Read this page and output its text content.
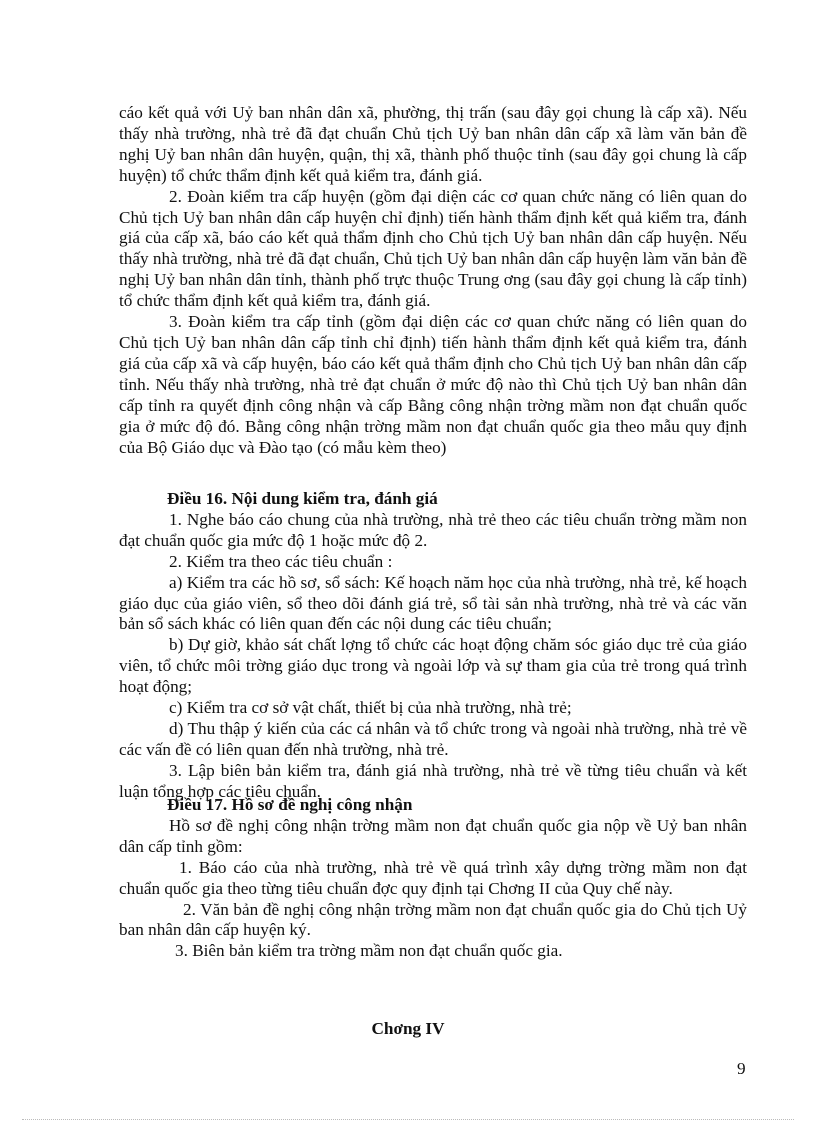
cáo kết quả với Uỷ ban nhân dân xã, phường, thị trấn (sau đây gọi chung là cấp xã). Nếu thấy nhà trường, nhà trẻ đã đạt chuẩn Chủ tịch Uỷ ban nhân dân cấp xã làm văn bản đề nghị Uỷ ban nhân dân huyện, quận, thị xã, thành phố thuộc tỉnh (sau đây gọi chung là cấp huyện) tổ chức thẩm định kết quả kiểm tra, đánh giá.

2. Đoàn kiểm tra cấp huyện (gồm đại diện các cơ quan chức năng có liên quan do Chủ tịch Uỷ ban nhân dân cấp huyện chỉ định) tiến hành thẩm định kết quả kiểm tra, đánh giá của cấp xã, báo cáo kết quả thẩm định cho Chủ tịch Uỷ ban nhân dân cấp huyện. Nếu thấy nhà trường, nhà trẻ đã đạt chuẩn, Chủ tịch Uỷ ban nhân dân cấp huyện làm văn bản đề nghị Uỷ ban nhân dân tỉnh, thành phố trực thuộc Trung ơng (sau đây gọi chung là cấp tỉnh) tổ chức thẩm định kết quả kiểm tra, đánh giá.

3. Đoàn kiểm tra cấp tỉnh (gồm đại diện các cơ quan chức năng có liên quan do Chủ tịch Uỷ ban nhân dân cấp tỉnh chỉ định) tiến hành thẩm định kết quả kiểm tra, đánh giá của cấp xã và cấp huyện, báo cáo kết quả thẩm định cho Chủ tịch Uỷ ban nhân dân cấp tỉnh. Nếu thấy nhà trường, nhà trẻ đạt chuẩn ở mức độ nào thì Chủ tịch Uỷ ban nhân dân cấp tỉnh ra quyết định công nhận và cấp Bằng công nhận trờng mầm non đạt chuẩn quốc gia ở mức độ đó. Bằng công nhận trờng mầm non đạt chuẩn quốc gia theo mẫu quy định của Bộ Giáo dục và Đào tạo (có mẫu kèm theo)

Điều 16. Nội dung kiểm tra, đánh giá

1. Nghe báo cáo chung của nhà trường, nhà trẻ theo các tiêu chuẩn trờng mầm non đạt chuẩn quốc gia mức độ 1 hoặc mức độ 2.

2. Kiểm tra theo các tiêu chuẩn :

a) Kiểm tra các hồ sơ, sổ sách: Kế hoạch năm học của nhà trường, nhà trẻ, kế hoạch giáo dục của giáo viên, sổ theo dõi đánh giá trẻ, sổ tài sản nhà trường, nhà trẻ và các văn bản sổ sách khác có liên quan đến các nội dung các tiêu chuẩn;

b) Dự giờ, khảo sát chất lợng tổ chức các hoạt động chăm sóc giáo dục trẻ của giáo viên, tổ chức môi trờng giáo dục trong và ngoài lớp và sự tham gia của trẻ trong quá trình hoạt động;

c) Kiểm tra cơ sở vật chất, thiết bị của nhà trường, nhà trẻ;

d) Thu thập ý kiến của các cá nhân và tổ chức trong và ngoài nhà trường, nhà trẻ về các vấn đề có liên quan đến nhà trường, nhà trẻ.

3. Lập biên bản kiểm tra, đánh giá nhà trường, nhà trẻ về từng tiêu chuẩn và kết luận tổng hợp các tiêu chuẩn.

Điều 17. Hồ sơ đề nghị công nhận

Hồ sơ đề nghị công nhận trờng mầm non đạt chuẩn quốc gia nộp về Uỷ ban nhân dân cấp tỉnh gồm:

1. Báo cáo của nhà trường, nhà trẻ về quá trình xây dựng trờng mầm non đạt chuẩn quốc gia theo từng tiêu chuẩn đợc quy định tại Chơng II của Quy chế này.

2. Văn bản đề nghị công nhận trờng mầm non đạt chuẩn quốc gia do Chủ tịch Uỷ ban nhân dân cấp huyện ký.

3. Biên bản kiểm tra trờng mầm non đạt chuẩn quốc gia.

Chơng IV
9
